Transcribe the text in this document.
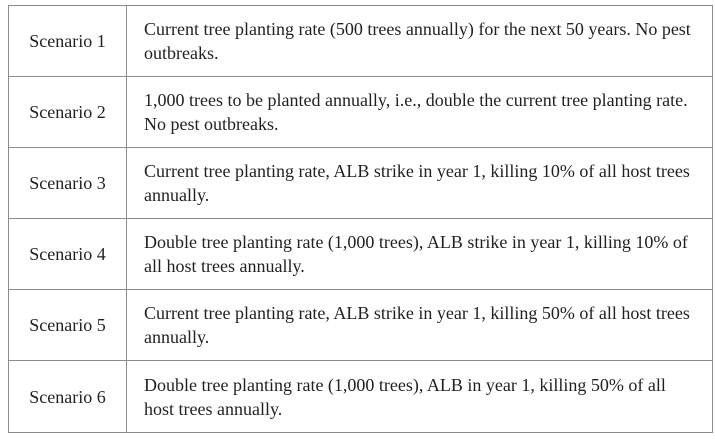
Scenario 1	Current tree planting rate (500 trees annually) for the next 50 years. No pest outbreaks.
Scenario 2	1,000 trees to be planted annually, i.e., double the current tree planting rate. No pest outbreaks.
Scenario 3	Current tree planting rate, ALB strike in year 1, killing 10% of all host trees annually.
Scenario 4	Double tree planting rate (1,000 trees), ALB strike in year 1, killing 10% of all host trees annually.
Scenario 5	Current tree planting rate, ALB strike in year 1, killing 50% of all host trees annually.
Scenario 6	Double tree planting rate (1,000 trees), ALB in year 1, killing 50% of all host trees annually.
